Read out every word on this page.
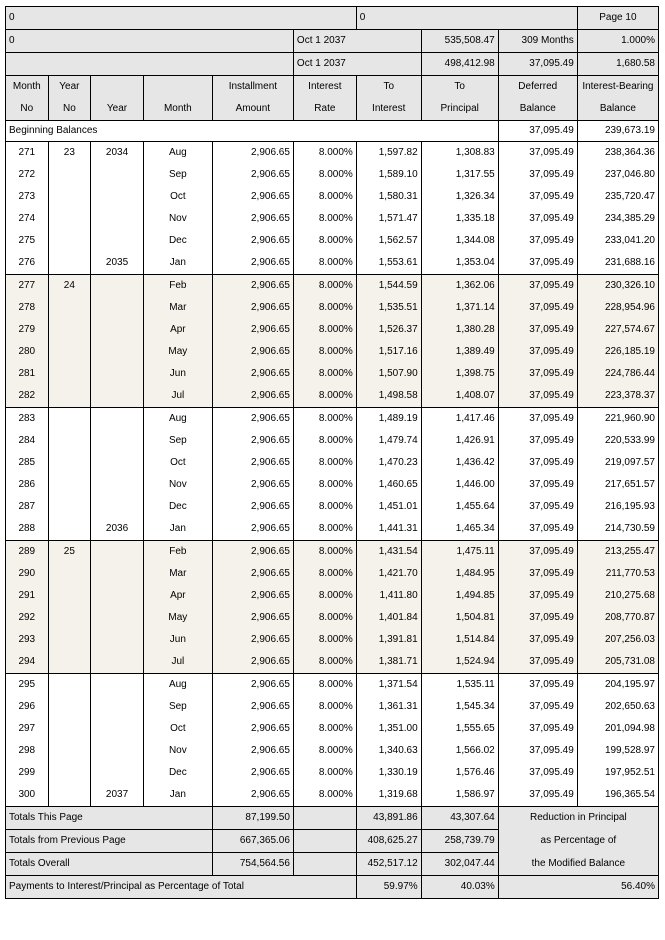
0						0			Page 10
0					Oct 1 2037		535,508.47	309 Months	1.000%
					Oct 1 2037		498,412.98	37,095.49	1,680.58
Month	Year			Installment	Interest	To	To	Deferred	Interest-Bearing
No	No	Year	Month	Amount	Rate	Interest	Principal	Balance	Balance
Beginning Balances								37,095.49	239,673.19
271	23	2034	Aug	2,906.65	8.000%	1,597.82	1,308.83	37,095.49	238,364.36
272			Sep	2,906.65	8.000%	1,589.10	1,317.55	37,095.49	237,046.80
273			Oct	2,906.65	8.000%	1,580.31	1,326.34	37,095.49	235,720.47
274			Nov	2,906.65	8.000%	1,571.47	1,335.18	37,095.49	234,385.29
275			Dec	2,906.65	8.000%	1,562.57	1,344.08	37,095.49	233,041.20
276		2035	Jan	2,906.65	8.000%	1,553.61	1,353.04	37,095.49	231,688.16
277	24		Feb	2,906.65	8.000%	1,544.59	1,362.06	37,095.49	230,326.10
278			Mar	2,906.65	8.000%	1,535.51	1,371.14	37,095.49	228,954.96
279			Apr	2,906.65	8.000%	1,526.37	1,380.28	37,095.49	227,574.67
280			May	2,906.65	8.000%	1,517.16	1,389.49	37,095.49	226,185.19
281			Jun	2,906.65	8.000%	1,507.90	1,398.75	37,095.49	224,786.44
282			Jul	2,906.65	8.000%	1,498.58	1,408.07	37,095.49	223,378.37
283			Aug	2,906.65	8.000%	1,489.19	1,417.46	37,095.49	221,960.90
284			Sep	2,906.65	8.000%	1,479.74	1,426.91	37,095.49	220,533.99
285			Oct	2,906.65	8.000%	1,470.23	1,436.42	37,095.49	219,097.57
286			Nov	2,906.65	8.000%	1,460.65	1,446.00	37,095.49	217,651.57
287			Dec	2,906.65	8.000%	1,451.01	1,455.64	37,095.49	216,195.93
288		2036	Jan	2,906.65	8.000%	1,441.31	1,465.34	37,095.49	214,730.59
289	25		Feb	2,906.65	8.000%	1,431.54	1,475.11	37,095.49	213,255.47
290			Mar	2,906.65	8.000%	1,421.70	1,484.95	37,095.49	211,770.53
291			Apr	2,906.65	8.000%	1,411.80	1,494.85	37,095.49	210,275.68
292			May	2,906.65	8.000%	1,401.84	1,504.81	37,095.49	208,770.87
293			Jun	2,906.65	8.000%	1,391.81	1,514.84	37,095.49	207,256.03
294			Jul	2,906.65	8.000%	1,381.71	1,524.94	37,095.49	205,731.08
295			Aug	2,906.65	8.000%	1,371.54	1,535.11	37,095.49	204,195.97
296			Sep	2,906.65	8.000%	1,361.31	1,545.34	37,095.49	202,650.63
297			Oct	2,906.65	8.000%	1,351.00	1,555.65	37,095.49	201,094.98
298			Nov	2,906.65	8.000%	1,340.63	1,566.02	37,095.49	199,528.97
299			Dec	2,906.65	8.000%	1,330.19	1,576.46	37,095.49	197,952.51
300		2037	Jan	2,906.65	8.000%	1,319.68	1,586.97	37,095.49	196,365.54
Totals This Page				87,199.50		43,891.86	43,307.64	Reduction in Principal	
Totals from Previous Page				667,365.06		408,625.27	258,739.79	as Percentage of	
Totals Overall				754,564.56		452,517.12	302,047.44	the Modified Balance	
Payments to Interest/Principal as Percentage of Total						59.97%	40.03%	56.40%	
